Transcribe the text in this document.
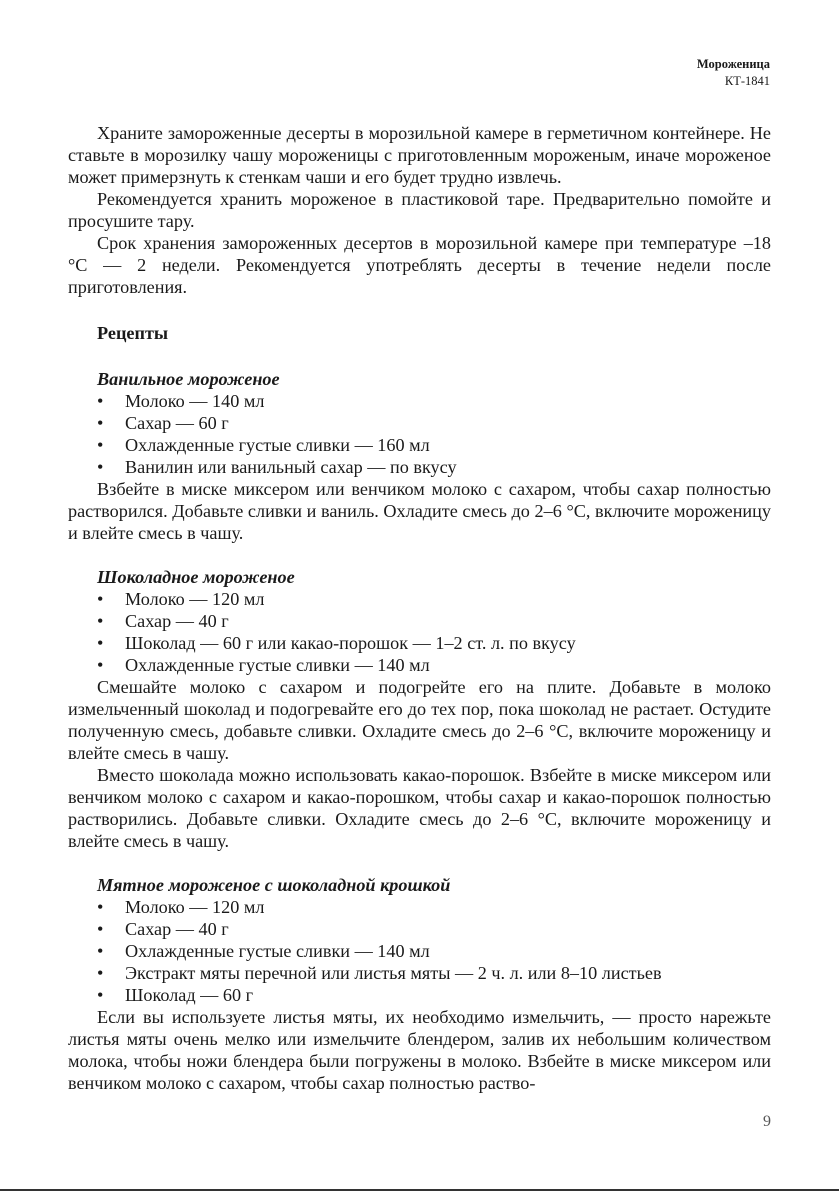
Мороженица
КТ-1841

Храните замороженные десерты в морозильной камере в герметичном контейнере. Не ставьте в морозилку чашу мороженицы с приготовленным мороженым, иначе мороженое может примерзнуть к стенкам чаши и его будет трудно извлечь.

Рекомендуется хранить мороженое в пластиковой таре. Предварительно помойте и просушите тару.

Срок хранения замороженных десертов в морозильной камере при температуре –18 °С — 2 недели. Рекомендуется употреблять десерты в течение недели после приготовления.

Рецепты
Ванильное мороженое
• Молоко — 140 мл
• Сахар — 60 г
• Охлажденные густые сливки — 160 мл
• Ванилин или ванильный сахар — по вкусу

Взбейте в миске миксером или венчиком молоко с сахаром, чтобы сахар полностью растворился. Добавьте сливки и ваниль. Охладите смесь до 2–6 °С, включите мороженицу и влейте смесь в чашу.

Шоколадное мороженое
• Молоко — 120 мл
• Сахар — 40 г
• Шоколад — 60 г или какао-порошок — 1–2 ст. л. по вкусу
• Охлажденные густые сливки — 140 мл

Смешайте молоко с сахаром и подогрейте его на плите. Добавьте в молоко измельченный шоколад и подогревайте его до тех пор, пока шоколад не растает. Остудите полученную смесь, добавьте сливки. Охладите смесь до 2–6 °С, включите мороженицу и влейте смесь в чашу.

Вместо шоколада можно использовать какао-порошок. Взбейте в миске миксером или венчиком молоко с сахаром и какао-порошком, чтобы сахар и какао-порошок полностью растворились. Добавьте сливки. Охладите смесь до 2–6 °С, включите мороженицу и влейте смесь в чашу.

Мятное мороженое с шоколадной крошкой
• Молоко — 120 мл
• Сахар — 40 г
• Охлажденные густые сливки — 140 мл
• Экстракт мяты перечной или листья мяты — 2 ч. л. или 8–10 листьев
• Шоколад — 60 г

Если вы используете листья мяты, их необходимо измельчить, — просто нарежьте листья мяты очень мелко или измельчите блендером, залив их небольшим количеством молока, чтобы ножи блендера были погружены в молоко. Взбейте в миске миксером или венчиком молоко с сахаром, чтобы сахар полностью раство-

9
